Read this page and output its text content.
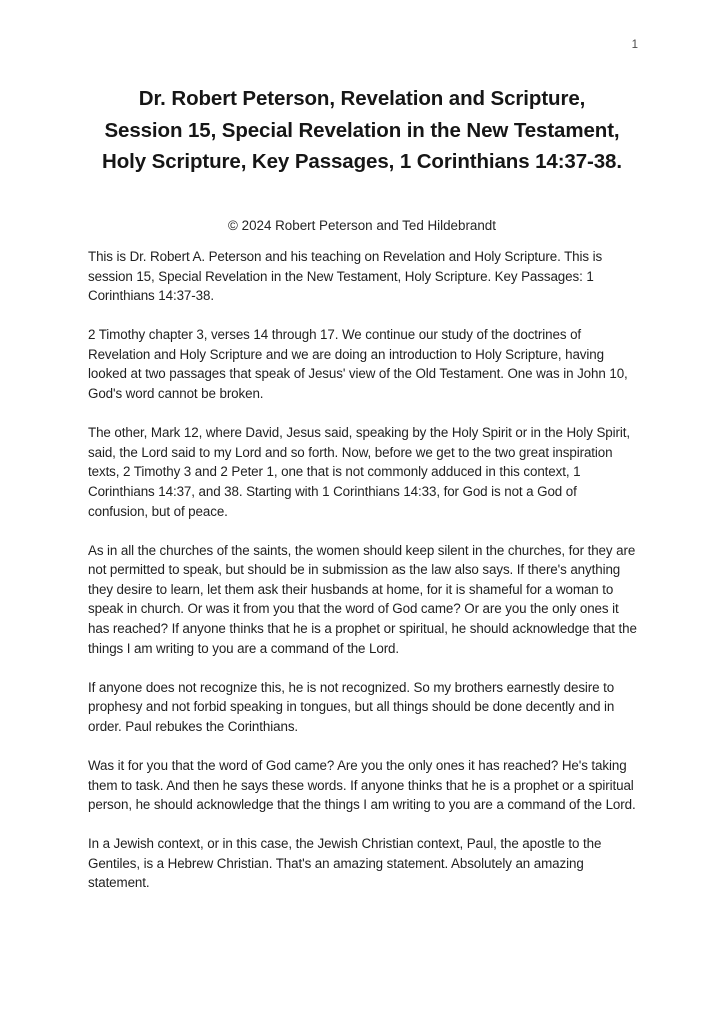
1
Dr. Robert Peterson, Revelation and Scripture, Session 15, Special Revelation in the New Testament, Holy Scripture, Key Passages, 1 Corinthians 14:37-38.
© 2024 Robert Peterson and Ted Hildebrandt

This is Dr. Robert A. Peterson and his teaching on Revelation and Holy Scripture. This is session 15, Special Revelation in the New Testament, Holy Scripture. Key Passages: 1 Corinthians 14:37-38.

2 Timothy chapter 3, verses 14 through 17. We continue our study of the doctrines of Revelation and Holy Scripture and we are doing an introduction to Holy Scripture, having looked at two passages that speak of Jesus' view of the Old Testament. One was in John 10, God's word cannot be broken.

The other, Mark 12, where David, Jesus said, speaking by the Holy Spirit or in the Holy Spirit, said, the Lord said to my Lord and so forth. Now, before we get to the two great inspiration texts, 2 Timothy 3 and 2 Peter 1, one that is not commonly adduced in this context, 1 Corinthians 14:37, and 38. Starting with 1 Corinthians 14:33, for God is not a God of confusion, but of peace.

As in all the churches of the saints, the women should keep silent in the churches, for they are not permitted to speak, but should be in submission as the law also says. If there's anything they desire to learn, let them ask their husbands at home, for it is shameful for a woman to speak in church. Or was it from you that the word of God came? Or are you the only ones it has reached? If anyone thinks that he is a prophet or spiritual, he should acknowledge that the things I am writing to you are a command of the Lord.

If anyone does not recognize this, he is not recognized. So my brothers earnestly desire to prophesy and not forbid speaking in tongues, but all things should be done decently and in order. Paul rebukes the Corinthians.

Was it for you that the word of God came? Are you the only ones it has reached? He's taking them to task. And then he says these words. If anyone thinks that he is a prophet or a spiritual person, he should acknowledge that the things I am writing to you are a command of the Lord.

In a Jewish context, or in this case, the Jewish Christian context, Paul, the apostle to the Gentiles, is a Hebrew Christian. That's an amazing statement. Absolutely an amazing statement.
